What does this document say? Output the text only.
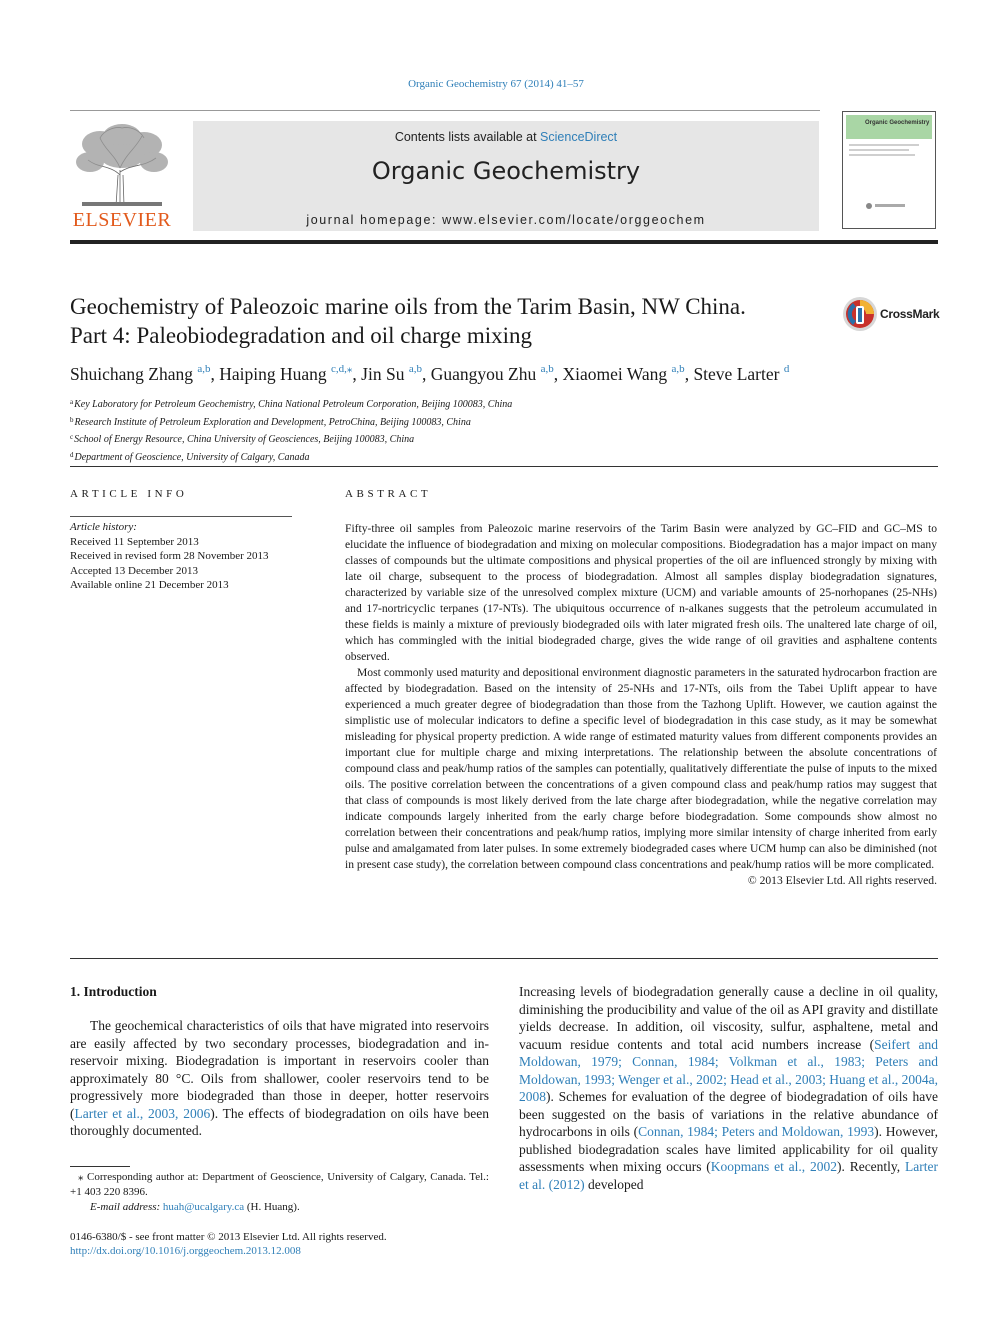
Organic Geochemistry 67 (2014) 41–57
ELSEVIER
Contents lists available at ScienceDirect
Organic Geochemistry
journal homepage: www.elsevier.com/locate/orggeochem
Organic Geochemistry
Geochemistry of Paleozoic marine oils from the Tarim Basin, NW China.
Part 4: Paleobiodegradation and oil charge mixing
CrossMark
Shuichang Zhang $^{a,b}$, Haiping Huang $^{c,d,⁎}$, Jin Su $^{a,b}$, Guangyou Zhu $^{a,b}$, Xiaomei Wang $^{a,b}$, Steve Larter $^d$
$^a$Key Laboratory for Petroleum Geochemistry, China National Petroleum Corporation, Beijing 100083, China
$^b$Research Institute of Petroleum Exploration and Development, PetroChina, Beijing 100083, China
$^c$School of Energy Resource, China University of Geosciences, Beijing 100083, China
$^d$Department of Geoscience, University of Calgary, Canada
ARTICLE INFO	ABSTRACT
Article history:
Received 11 September 2013
Received in revised form 28 November 2013
Accepted 13 December 2013
Available online 21 December 2013

Fifty-three oil samples from Paleozoic marine reservoirs of the Tarim Basin were analyzed by GC–FID and GC–MS to elucidate the influence of biodegradation and mixing on molecular compositions. Biodegradation has a major impact on many classes of compounds but the ultimate compositions and physical properties of the oil are influenced strongly by mixing with late oil charge, subsequent to the process of biodegradation. Almost all samples display biodegradation signatures, characterized by variable size of the unresolved complex mixture (UCM) and variable amounts of 25-norhopanes (25-NHs) and 17-nortricyclic terpanes (17-NTs). The ubiquitous occurrence of n-alkanes suggests that the petroleum accumulated in these fields is mainly a mixture of previously biodegraded oils with later migrated fresh oils. The unaltered late charge of oil, which has commingled with the initial biodegraded charge, gives the wide range of oil gravities and asphaltene contents observed.

Most commonly used maturity and depositional environment diagnostic parameters in the saturated hydrocarbon fraction are affected by biodegradation. Based on the intensity of 25-NHs and 17-NTs, oils from the Tabei Uplift appear to have experienced a much greater degree of biodegradation than those from the Tazhong Uplift. However, we caution against the simplistic use of molecular indicators to define a specific level of biodegradation in this case study, as it may be somewhat misleading for physical property prediction. A wide range of estimated maturity values from different components provides an important clue for multiple charge and mixing interpretations. The relationship between the absolute concentrations of compound class and peak/hump ratios of the samples can potentially, qualitatively differentiate the pulse of inputs to the mixed oils. The positive correlation between the concentrations of a given compound class and peak/hump ratios may suggest that that class of compounds is most likely derived from the late charge after biodegradation, while the negative correlation may indicate compounds largely inherited from the early charge before biodegradation. Some compounds show almost no correlation between their concentrations and peak/hump ratios, implying more similar intensity of charge inherited from early pulse and amalgamated from later pulses. In some extremely biodegraded cases where UCM hump can also be diminished (not in present case study), the correlation between compound class concentrations and peak/hump ratios will be more complicated.

© 2013 Elsevier Ltd. All rights reserved.
1. Introduction

The geochemical characteristics of oils that have migrated into reservoirs are easily affected by two secondary processes, biodegradation and in-reservoir mixing. Biodegradation is important in reservoirs cooler than approximately 80 °C. Oils from shallower, cooler reservoirs tend to be progressively more biodegraded than those in deeper, hotter reservoirs (Larter et al., 2003, 2006). The effects of biodegradation on oils have been thoroughly documented.

⁎ Corresponding author at: Department of Geoscience, University of Calgary, Canada. Tel.: +1 403 220 8396.

E-mail address: huah@ucalgary.ca (H. Huang).

0146-6380/$ - see front matter © 2013 Elsevier Ltd. All rights reserved.
http://dx.doi.org/10.1016/j.orggeochem.2013.12.008

Increasing levels of biodegradation generally cause a decline in oil quality, diminishing the producibility and value of the oil as API gravity and distillate yields decrease. In addition, oil viscosity, sulfur, asphaltene, metal and vacuum residue contents and total acid numbers increase (Seifert and Moldowan, 1979; Connan, 1984; Volkman et al., 1983; Peters and Moldowan, 1993; Wenger et al., 2002; Head et al., 2003; Huang et al., 2004a, 2008). Schemes for evaluation of the degree of biodegradation of oils have been suggested on the basis of variations in the relative abundance of hydrocarbons in oils (Connan, 1984; Peters and Moldowan, 1993). However, published biodegradation scales have limited applicability for oil quality assessments when mixing occurs (Koopmans et al., 2002). Recently, Larter et al. (2012) developed
